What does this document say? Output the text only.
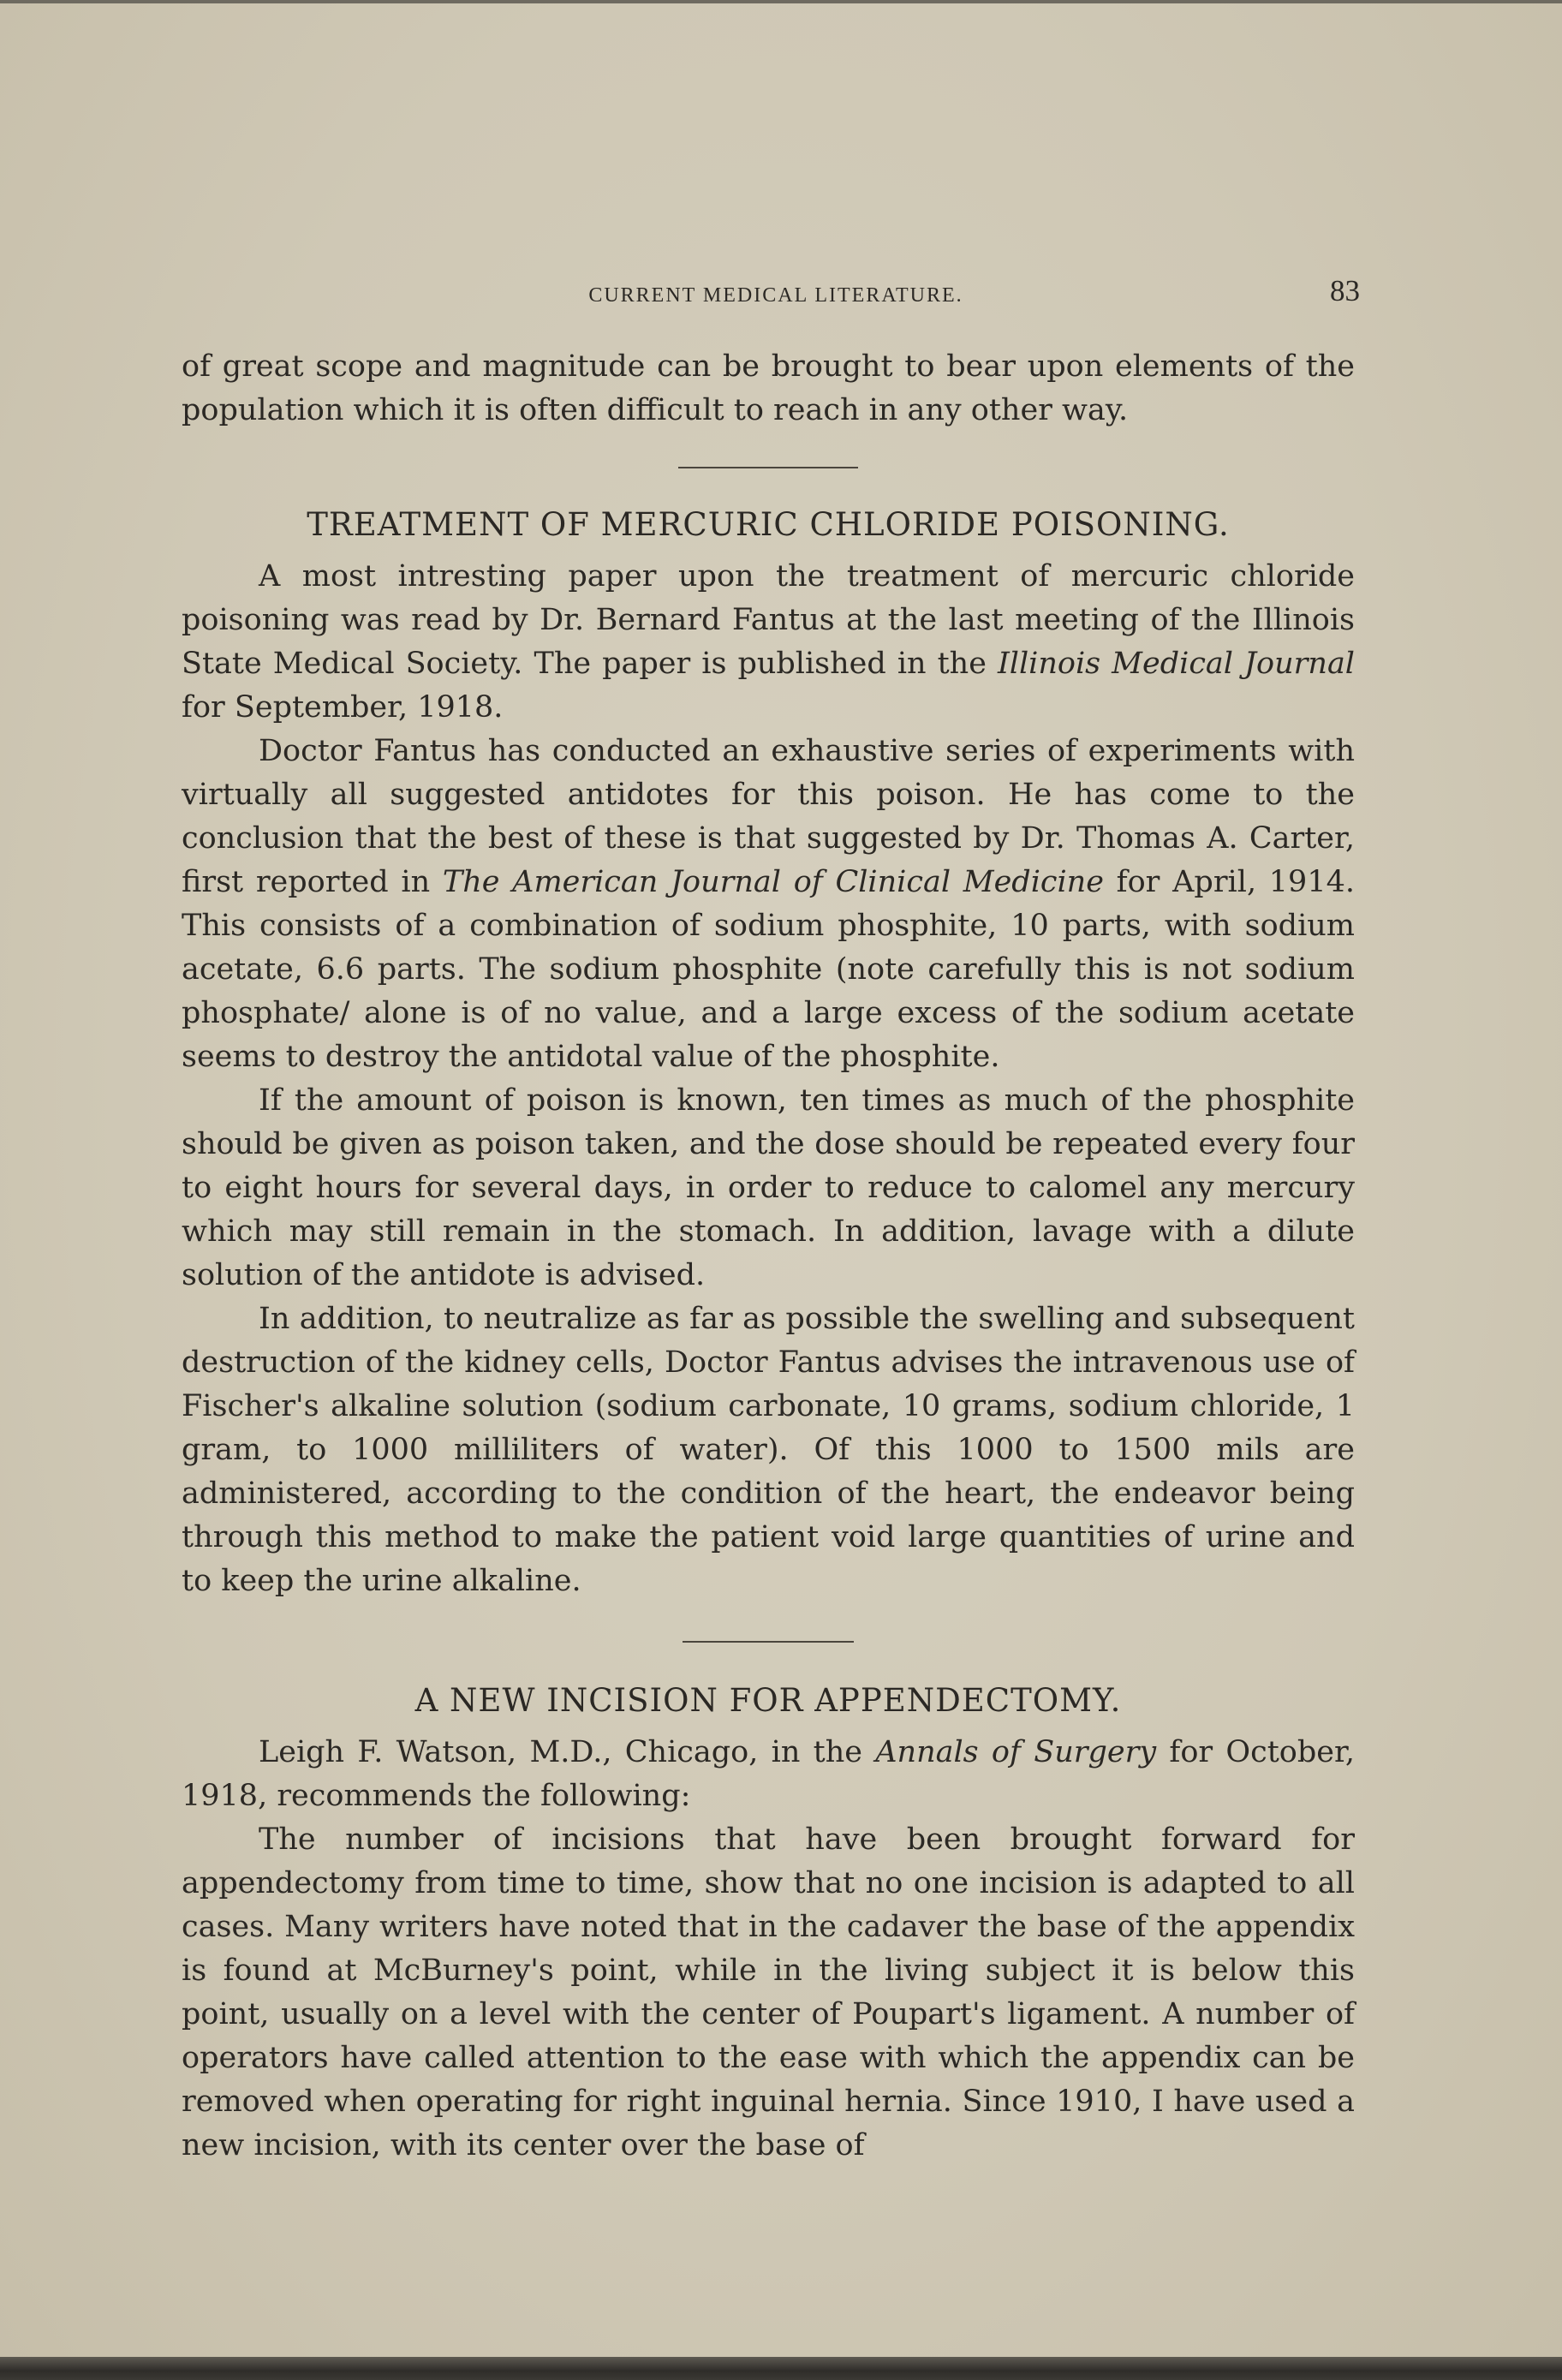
CURRENT MEDICAL LITERATURE.	83

of great scope and magnitude can be brought to bear upon elements of the population which it is often difficult to reach in any other way.

TREATMENT OF MERCURIC CHLORIDE POISONING.

A most intresting paper upon the treatment of mercuric chloride poisoning was read by Dr. Bernard Fantus at the last meeting of the Illinois State Medical Society. The paper is published in the Illinois Medical Journal for September, 1918.

Doctor Fantus has conducted an exhaustive series of experiments with virtually all suggested antidotes for this poison. He has come to the conclusion that the best of these is that suggested by Dr. Thomas A. Carter, first reported in The American Journal of Clinical Medicine for April, 1914. This consists of a combination of sodium phosphite, 10 parts, with sodium acetate, 6.6 parts. The sodium phosphite (note carefully this is not sodium phosphate/ alone is of no value, and a large excess of the sodium acetate seems to destroy the antidotal value of the phosphite.

If the amount of poison is known, ten times as much of the phosphite should be given as poison taken, and the dose should be repeated every four to eight hours for several days, in order to reduce to calomel any mercury which may still remain in the stomach. In addition, lavage with a dilute solution of the antidote is advised.

In addition, to neutralize as far as possible the swelling and subsequent destruction of the kidney cells, Doctor Fantus advises the intravenous use of Fischer's alkaline solution (sodium carbonate, 10 grams, sodium chloride, 1 gram, to 1000 milliliters of water). Of this 1000 to 1500 mils are administered, according to the condition of the heart, the endeavor being through this method to make the patient void large quantities of urine and to keep the urine alkaline.

A NEW INCISION FOR APPENDECTOMY.

Leigh F. Watson, M.D., Chicago, in the Annals of Surgery for October, 1918, recommends the following:

The number of incisions that have been brought forward for appendectomy from time to time, show that no one incision is adapted to all cases. Many writers have noted that in the cadaver the base of the appendix is found at McBurney's point, while in the living subject it is below this point, usually on a level with the center of Poupart's ligament. A number of operators have called attention to the ease with which the appendix can be removed when operating for right inguinal hernia. Since 1910, I have used a new incision, with its center over the base of
